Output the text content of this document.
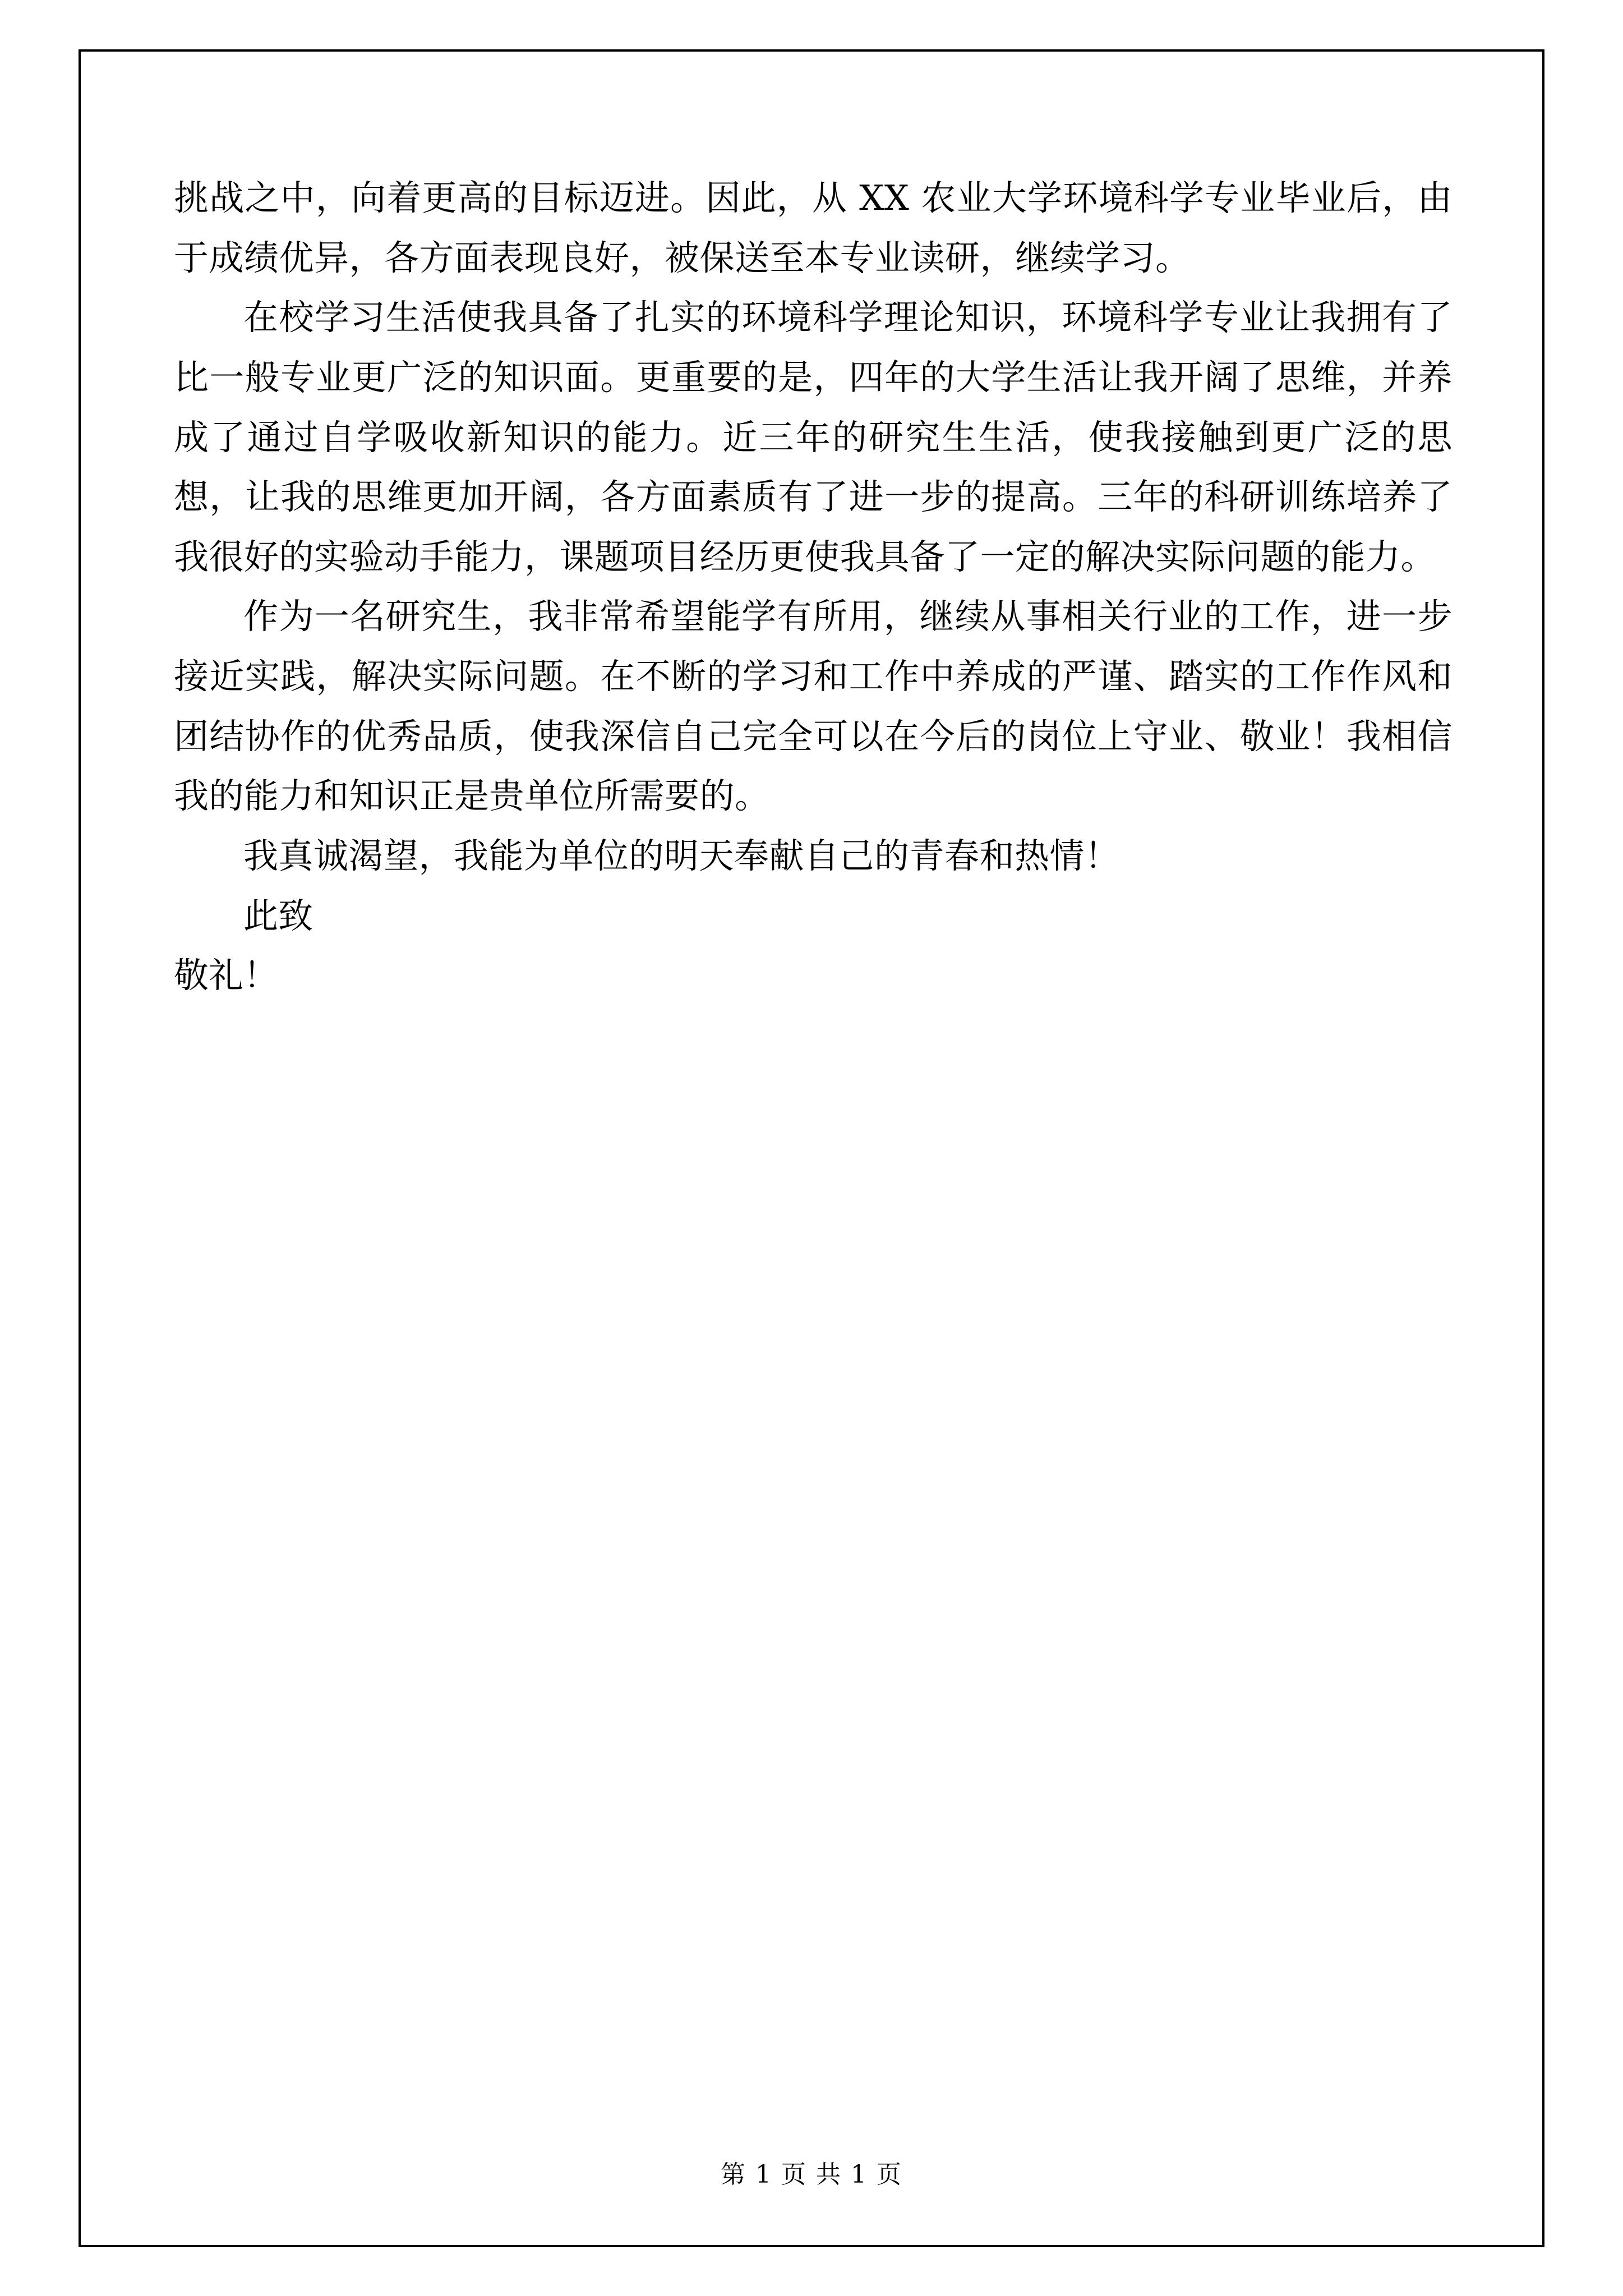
挑战之中，向着更高的目标迈进。因此，从 XX 农业大学环境科学专业毕业后，由于成绩优异，各方面表现良好，被保送至本专业读研，继续学习。

在校学习生活使我具备了扎实的环境科学理论知识，环境科学专业让我拥有了比一般专业更广泛的知识面。更重要的是，四年的大学生活让我开阔了思维，并养成了通过自学吸收新知识的能力。近三年的研究生生活，使我接触到更广泛的思想，让我的思维更加开阔，各方面素质有了进一步的提高。三年的科研训练培养了我很好的实验动手能力，课题项目经历更使我具备了一定的解决实际问题的能力。

作为一名研究生，我非常希望能学有所用，继续从事相关行业的工作，进一步接近实践，解决实际问题。在不断的学习和工作中养成的严谨、踏实的工作作风和团结协作的优秀品质，使我深信自己完全可以在今后的岗位上守业、敬业！我相信我的能力和知识正是贵单位所需要的。

我真诚渴望，我能为单位的明天奉献自己的青春和热情！

此致
敬礼！
第 1 页 共 1 页
